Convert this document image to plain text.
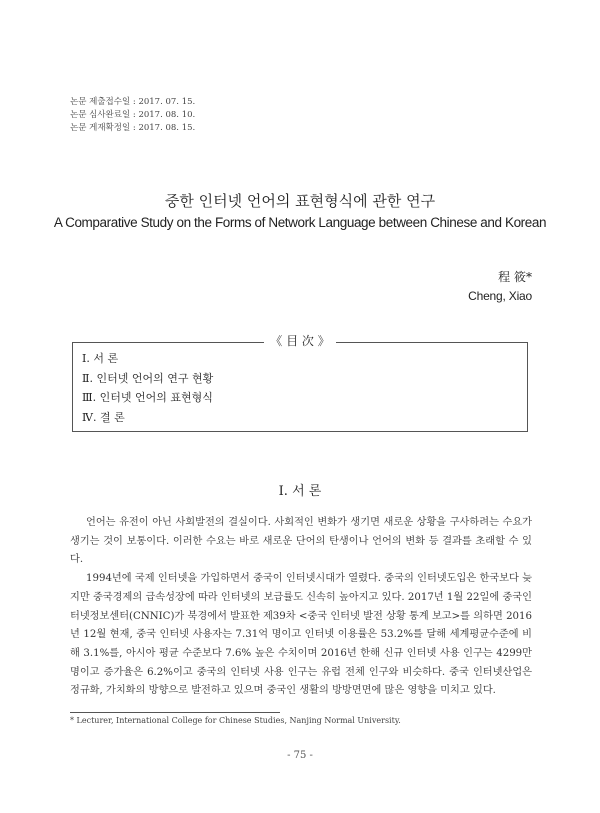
논문 제출접수일 : 2017. 07. 15.
논문 심사완료일 : 2017. 08. 10.
논문 게재확정일 : 2017. 08. 15.
중한 인터넷 언어의 표현형식에 관한 연구
A Comparative Study on the Forms of Network Language between Chinese and Korean
程 筱*
Cheng, Xiao
《 目 次 》
Ⅰ. 서 론
Ⅱ. 인터넷 언어의 연구 현황
Ⅲ. 인터넷 언어의 표현형식
Ⅳ. 결 론
Ⅰ. 서 론

언어는 유전이 아닌 사회발전의 결실이다. 사회적인 변화가 생기면 새로운 상황을 구사하려는 수요가 생기는 것이 보통이다. 이러한 수요는 바로 새로운 단어의 탄생이나 언어의 변화 등 결과를 초래할 수 있다.

1994년에 국제 인터넷을 가입하면서 중국이 인터넷시대가 열렸다. 중국의 인터넷도입은 한국보다 늦지만 중국경제의 급속성장에 따라 인터넷의 보급률도 신속히 높아지고 있다. 2017년 1월 22일에 중국인터넷정보센터(CNNIC)가 북경에서 발표한 제39차 <중국 인터넷 발전 상황 통계 보고>를 의하면 2016년 12월 현재, 중국 인터넷 사용자는 7.31억 명이고 인터넷 이용률은 53.2%를 달해 세계평균수준에 비해 3.1%를, 아시아 평균 수준보다 7.6% 높은 수치이며 2016년 한해 신규 인터넷 사용 인구는 4299만 명이고 증가율은 6.2%이고 중국의 인터넷 사용 인구는 유럽 전체 인구와 비슷하다. 중국 인터넷산업은 정규화, 가치화의 방향으로 발전하고 있으며 중국인 생활의 방방면면에 많은 영향을 미치고 있다.

* Lecturer, International College for Chinese Studies, Nanjing Normal University.
- 75 -
